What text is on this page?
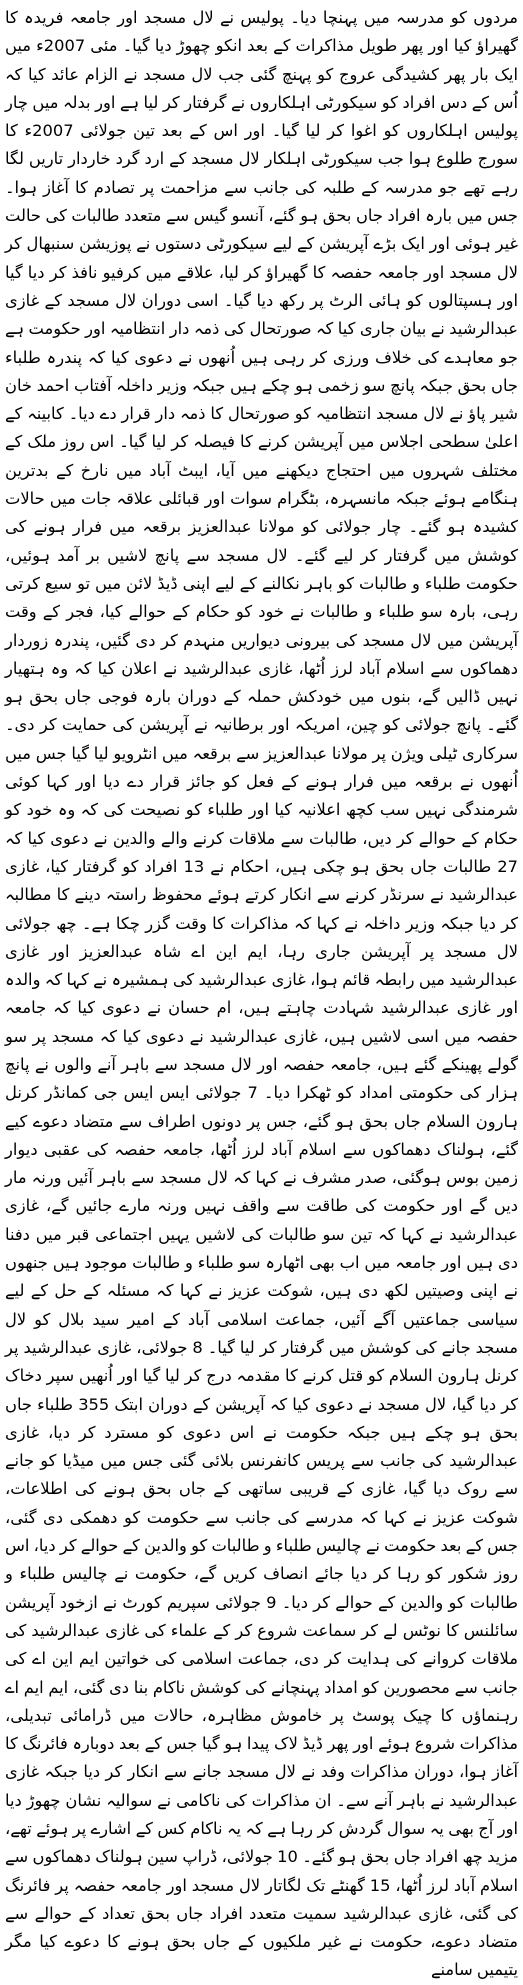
مردوں کو مدرسہ میں پہنچا دیا۔ پولیس نے لال مسجد اور جامعہ فریدہ کا گھیراؤ کیا اور پھر طویل مذاکرات کے بعد انکو چھوڑ دیا گیا۔ مئی 2007ء میں ایک بار پھر کشیدگی عروج کو پہنچ گئی جب لال مسجد نے الزام عائد کیا کہ اُس کے دس افراد کو سیکورٹی اہلکاروں نے گرفتار کر لیا ہے اور بدلہ میں چار پولیس اہلکاروں کو اغوا کر لیا گیا۔ اور اس کے بعد تین جولائی 2007ء کا سورج طلوع ہوا جب سیکورٹی اہلکار لال مسجد کے ارد گرد خاردار تاریں لگا رہے تھے جو مدرسہ کے طلبہ کی جانب سے مزاحمت پر تصادم کا آغاز ہوا۔ جس میں بارہ افراد جاں بحق ہو گئے، آنسو گیس سے متعدد طالبات کی حالت غیر ہوئی اور ایک بڑے آپریشن کے لیے سیکورٹی دستوں نے پوزیشن سنبھال کر لال مسجد اور جامعہ حفصہ کا گھیراؤ کر لیا، علاقے میں کرفیو نافذ کر دیا گیا اور ہسپتالوں کو ہائی الرٹ پر رکھ دیا گیا۔ اسی دوران لال مسجد کے غازی عبدالرشید نے بیان جاری کیا کہ صورتحال کی ذمہ دار انتظامیہ اور حکومت ہے جو معاہدے کی خلاف ورزی کر رہی ہیں اُنھوں نے دعوی کیا کہ پندرہ طلباء جاں بحق جبکہ پانچ سو زخمی ہو چکے ہیں جبکہ وزیر داخلہ آفتاب احمد خان شیر پاؤ نے لال مسجد انتظامیہ کو صورتحال کا ذمہ دار قرار دے دیا۔ کابینہ کے اعلیٰ سطحی اجلاس میں آپریشن کرنے کا فیصلہ کر لیا گیا۔ اس روز ملک کے مختلف شہروں میں احتجاج دیکھنے میں آیا، ایبٹ آباد میں نارخ کے بدترین ہنگامے ہوئے جبکہ مانسہرہ، بٹگرام سوات اور قبائلی علاقہ جات میں حالات کشیدہ ہو گئے۔ چار جولائی کو مولانا عبدالعزیز برقعہ میں فرار ہونے کی کوشش میں گرفتار کر لیے گئے۔ لال مسجد سے پانچ لاشیں بر آمد ہوئیں، حکومت طلباء و طالبات کو باہر نکالنے کے لیے اپنی ڈیڈ لائن میں تو سیع کرتی رہی، بارہ سو طلباء و طالبات نے خود کو حکام کے حوالے کیا، فجر کے وقت آپریشن میں لال مسجد کی بیرونی دیواریں منہدم کر دی گئیں، پندرہ زوردار دھماکوں سے اسلام آباد لرز اُٹھا، غازی عبدالرشید نے اعلان کیا کہ وہ ہتھیار نہیں ڈالیں گے، بنوں میں خودکش حملہ کے دوران بارہ فوجی جاں بحق ہو گئے۔ پانچ جولائی کو چین، امریکہ اور برطانیہ نے آپریشن کی حمایت کر دی۔ سرکاری ٹیلی ویژن پر مولانا عبدالعزیز سے برقعہ میں انٹرویو لیا گیا جس میں اُنھوں نے برقعہ میں فرار ہونے کے فعل کو جائز قرار دے دیا اور کہا کوئی شرمندگی نہیں سب کچھ اعلانیہ کیا اور طلباء کو نصیحت کی کہ وہ خود کو حکام کے حوالے کر دیں، طالبات سے ملاقات کرنے والے والدین نے دعوی کیا کہ 27 طالبات جاں بحق ہو چکی ہیں، احکام نے 13 افراد کو گرفتار کیا، غازی عبدالرشید نے سرنڈر کرنے سے انکار کرتے ہوئے محفوظ راستہ دینے کا مطالبہ کر دیا جبکہ وزیر داخلہ نے کہا کہ مذاکرات کا وقت گزر چکا ہے۔ چھ جولائی لال مسجد پر آپریشن جاری رہا، ایم این اے شاہ عبدالعزیز اور غازی عبدالرشید میں رابطہ قائم ہوا، غازی عبدالرشید کی ہمشیرہ نے کہا کہ والدہ اور غازی عبدالرشید شہادت چاہتے ہیں، ام حسان نے دعوی کیا کہ جامعہ حفصہ میں اسی لاشیں ہیں، غازی عبدالرشید نے دعوی کیا کہ مسجد پر سو گولے پھینکے گئے ہیں، جامعہ حفصہ اور لال مسجد سے باہر آنے والوں نے پانچ ہزار کی حکومتی امداد کو ٹھکرا دیا۔ 7 جولائی ایس ایس جی کمانڈر کرنل ہارون السلام جاں بحق ہو گئے، جس پر دونوں اطراف سے متضاد دعوے کیے گئے، ہولناک دھماکوں سے اسلام آباد لرز اُٹھا، جامعہ حفصہ کی عقبی دیوار زمین بوس ہوگئی، صدر مشرف نے کہا کہ لال مسجد سے باہر آئیں ورنہ مار دیں گے اور حکومت کی طاقت سے واقف نہیں ورنہ مارے جائیں گے، غازی عبدالرشید نے کہا کہ تین سو طالبات کی لاشیں یہیں اجتماعی قبر میں دفنا دی ہیں اور جامعہ میں اب بھی اٹھارہ سو طلباء و طالبات موجود ہیں جنھوں نے اپنی وصیتیں لکھ دی ہیں، شوکت عزیز نے کہا کہ مسئلہ کے حل کے لیے سیاسی جماعتیں آگے آئیں، جماعت اسلامی آباد کے امیر سید بلال کو لال مسجد جانے کی کوشش میں گرفتار کر لیا گیا۔ 8 جولائی، غازی عبدالرشید پر کرنل ہارون السلام کو قتل کرنے کا مقدمہ درج کر لیا گیا اور اُنھیں سپر دخاک کر دیا گیا، لال مسجد نے دعوی کیا کہ آپریشن کے دوران ابتک 355 طلباء جاں بحق ہو چکے ہیں جبکہ حکومت نے اس دعوی کو مسترد کر دیا، غازی عبدالرشید کی جانب سے پریس کانفرنس بلائی گئی جس میں میڈیا کو جانے سے روک دیا گیا، غازی کے قریبی ساتھی کے جاں بحق ہونے کی اطلاعات، شوکت عزیز نے کہا کہ مدرسے کی جانب سے حکومت کو دھمکی دی گئی، جس کے بعد حکومت نے چالیس طلباء و طالبات کو والدین کے حوالے کر دیا، اس روز شکور کو رہا کر دیا جائے انصاف کریں گے، حکومت نے چالیس طلباء و طالبات کو والدین کے حوالے کر دیا۔ 9 جولائی سپریم کورٹ نے ازخود آپریشن سائلنس کا نوٹس لے کر سماعت شروع کر کے علماء کی غازی عبدالرشید کی ملاقات کروانے کی ہدایت کر دی، جماعت اسلامی کی خواتین ایم این اے کی جانب سے محصورین کو امداد پہنچانے کی کوشش ناکام بنا دی گئی، ایم ایم اے رہنماؤں کا چیک پوسٹ پر خاموش مظاہرہ، حالات میں ڈرامائی تبدیلی، مذاکرات شروع ہوئے اور پھر ڈیڈ لاک پیدا ہو گیا جس کے بعد دوبارہ فائرنگ کا آغاز ہوا، دوران مذاکرات وفد نے لال مسجد جانے سے انکار کر دیا جبکہ غازی عبدالرشید نے باہر آنے سے۔ ان مذاکرات کی ناکامی نے سوالیہ نشان چھوڑ دیا اور آج بھی یہ سوال گردش کر رہا ہے کہ یہ ناکام کس کے اشارے پر ہوئے تھے، مزید چھ افراد جاں بحق ہو گئے۔ 10 جولائی، ڈراپ سین ہولناک دھماکوں سے اسلام آباد لرز اُٹھا، 15 گھنٹے تک لگاتار لال مسجد اور جامعہ حفصہ پر فائرنگ کی گئی، غازی عبدالرشید سمیت متعدد افراد جاں بحق تعداد کے حوالے سے متضاد دعوے، حکومت نے غیر ملکیوں کے جاں بحق ہونے کا دعوے کیا مگر یتیمیں سامنے
